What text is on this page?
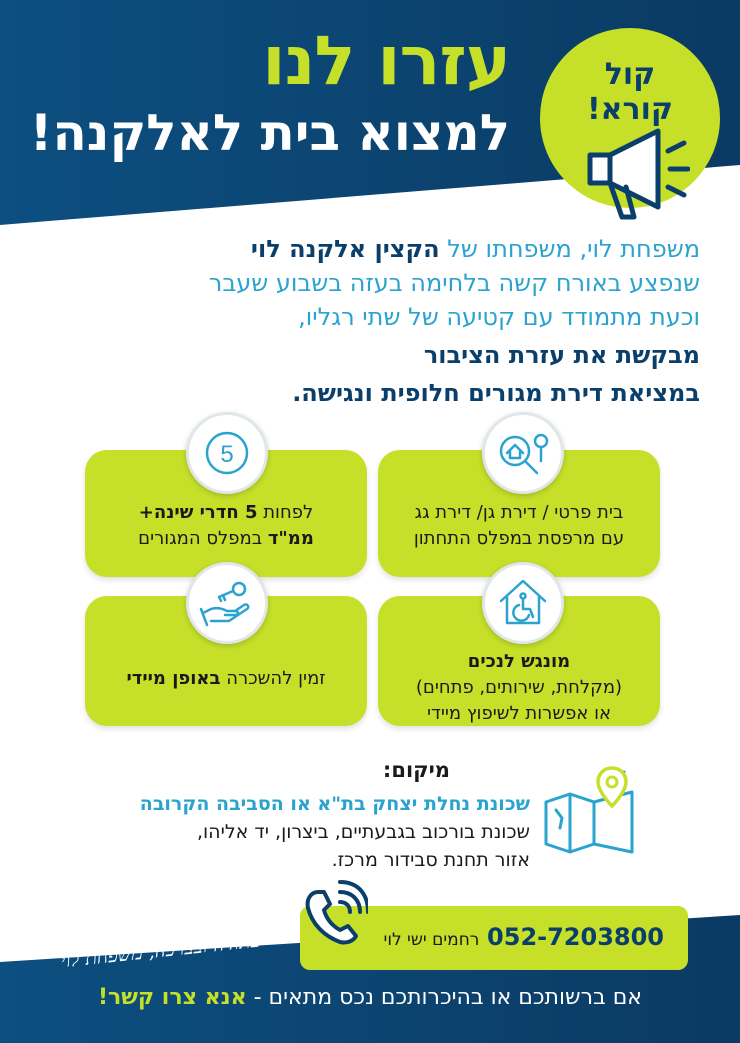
עזרו לנו
למצוא בית לאלקנה!
קול
קורא!
משפחת לוי, משפחתו של הקצין אלקנה לוי
שנפצע באורח קשה בלחימה בעזה בשבוע שעבר
וכעת מתמודד עם קטיעה של שתי רגליו,
מבקשת את עזרת הציבור
במציאת דירת מגורים חלופית ונגישה.
בית פרטי / דירת גן/ דירת גג
עם מרפסת במפלס התחתון
לפחות 5 חדרי שינה+
ממ"ד במפלס המגורים
5
מונגש לנכים
(מקלחת, שירותים, פתחים)
או אפשרות לשיפוץ מיידי
זמין להשכרה באופן מיידי
מיקום:
שכונת נחלת יצחק בת"א או הסביבה הקרובה
שכונת בורכוב בגבעתיים, ביצרון, יד אליהו,
אזור תחנת סבידור מרכז.
בתודה ובברכה, משפחת לוי	052-7203800 רחמים ישי לוי
אם ברשותכם או בהיכרותכם נכס מתאים - אנא צרו קשר!
